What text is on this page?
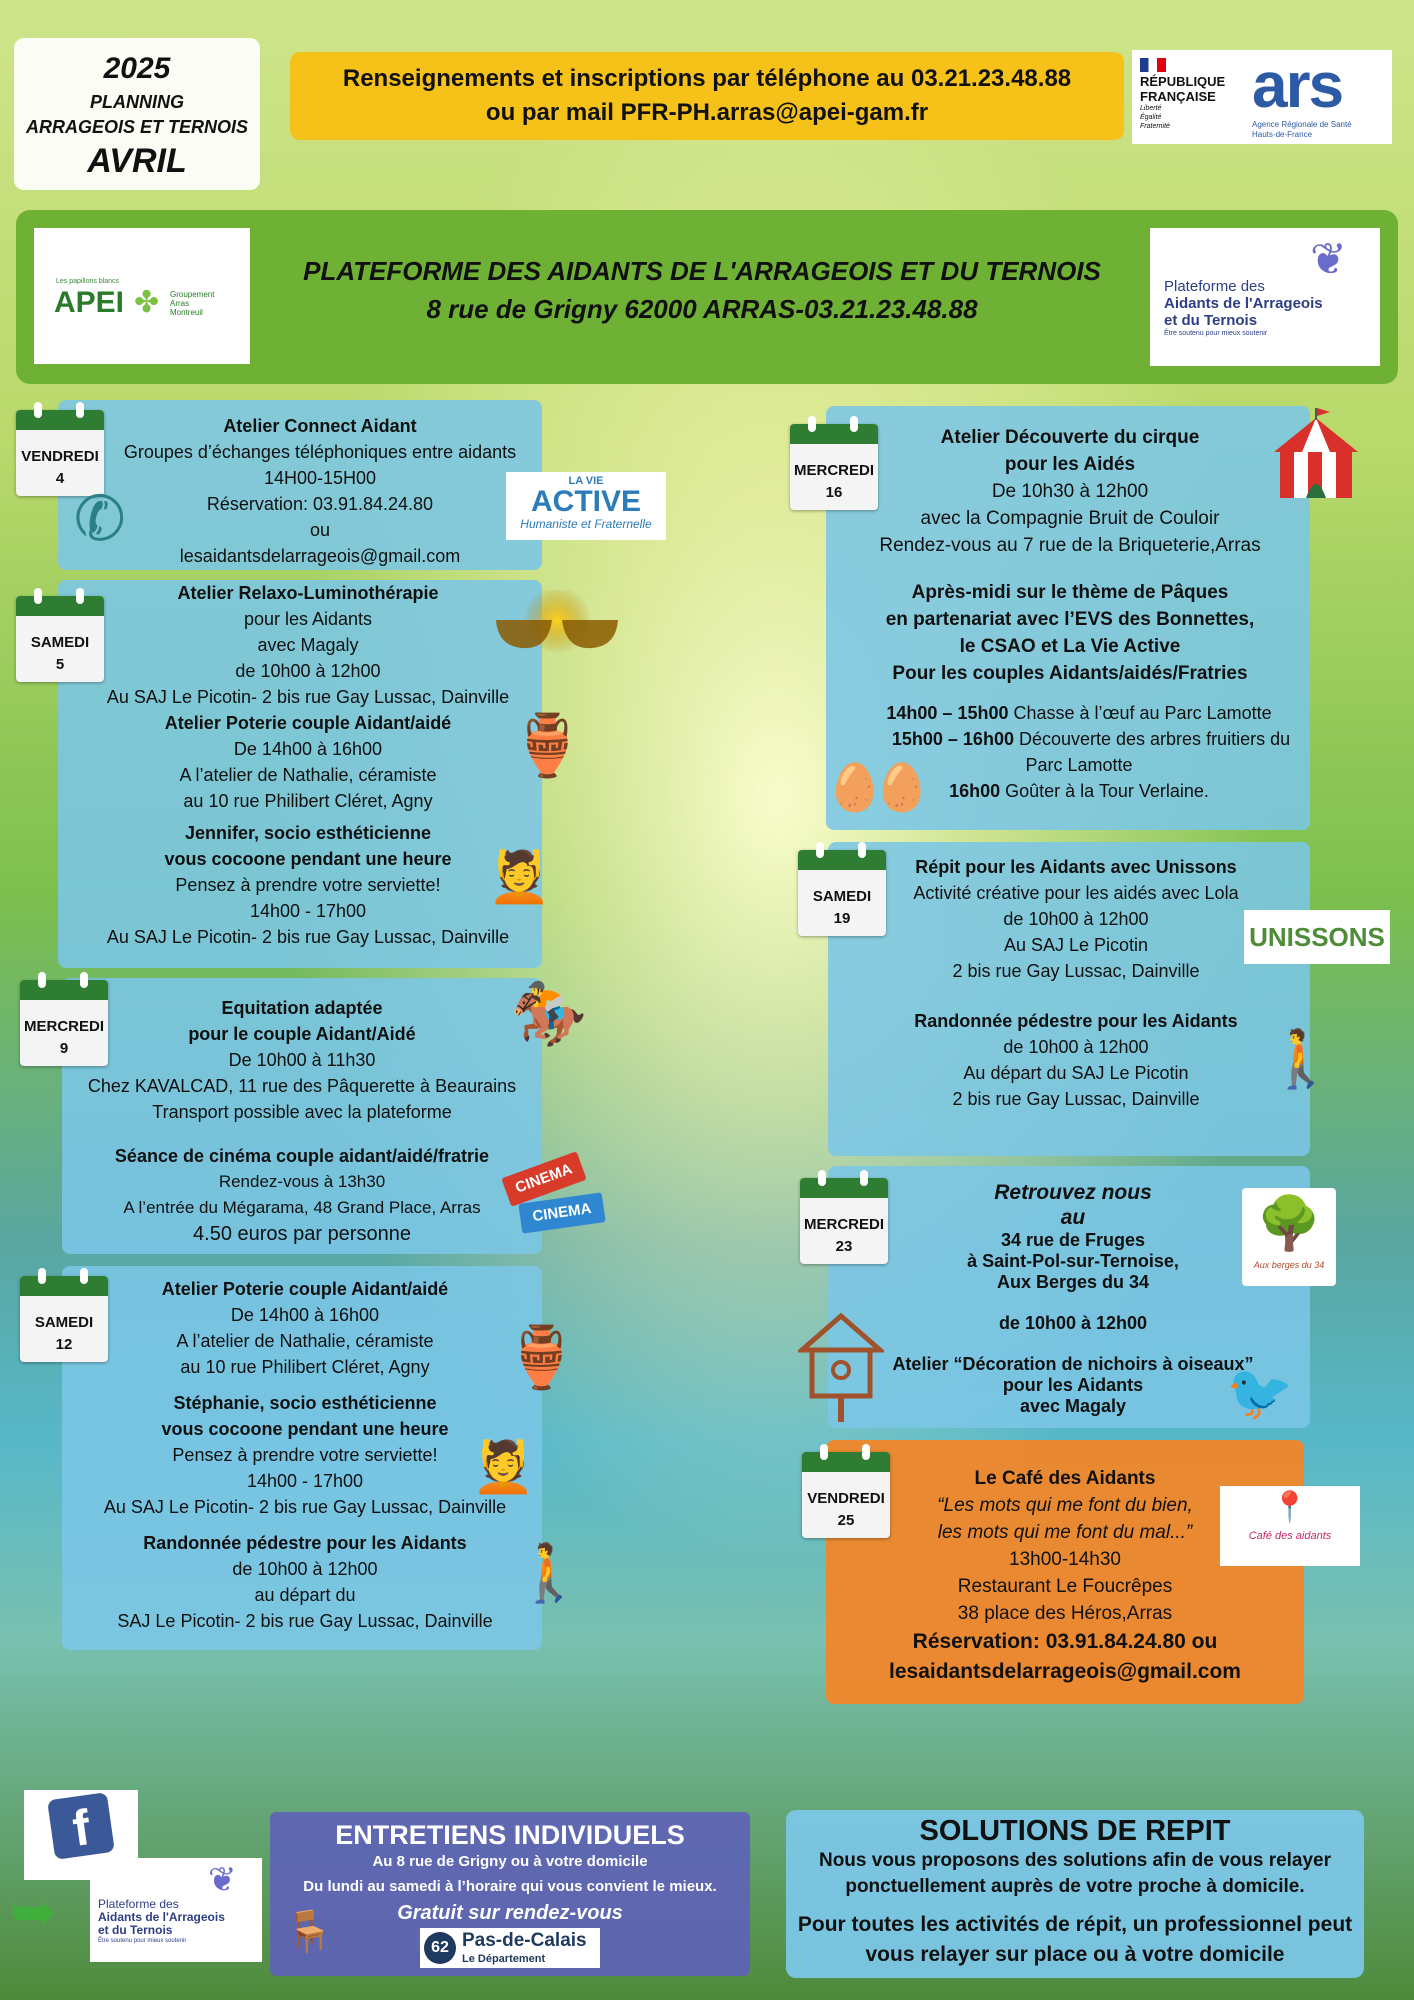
2025
PLANNING
ARRAGEOIS ET TERNOIS
AVRIL
Renseignements et inscriptions par téléphone au 03.21.23.48.88
ou par mail PFR-PH.arras@apei-gam.fr
RÉPUBLIQUE
FRANÇAISE
Liberté
Égalité
Fraternité
ars
Agence Régionale de Santé
Hauts-de-France
Les papillons blancs
APEI ✤ Groupement
Arras
Montreuil
PLATEFORME DES AIDANTS DE L'ARRAGEOIS ET DU TERNOIS
8 rue de Grigny 62000 ARRAS-03.21.23.48.88
❦
Plateforme des
Aidants de l'Arrageois
et du Ternois
Être soutenu pour mieux soutenir
VENDREDI
4
Atelier Connect Aidant
Groupes d’échanges téléphoniques entre aidants
14H00-15H00
Réservation: 03.91.84.24.80
ou
lesaidantsdelarrageois@gmail.com
✆	LA VIE
ACTIVE
Humaniste et Fraternelle
SAMEDI
5
Atelier Relaxo-Luminothérapie
pour les Aidants
avec Magaly
de 10h00 à 12h00
Au SAJ Le Picotin- 2 bis rue Gay Lussac, Dainville
Atelier Poterie couple Aidant/aidé
De 14h00 à 16h00
A l’atelier de Nathalie, céramiste
au 10 rue Philibert Cléret, Agny
Jennifer, socio esthéticienne
vous cocoone pendant une heure
Pensez à prendre votre serviette!
14h00 - 17h00
Au SAJ Le Picotin- 2 bis rue Gay Lussac, Dainville
🏺
💆
MERCREDI
9
Equitation adaptée
pour le couple Aidant/Aidé
De 10h00 à 11h30
Chez KAVALCAD, 11 rue des Pâquerette à Beaurains
Transport possible avec la plateforme
Séance de cinéma couple aidant/aidé/fratrie
Rendez-vous à 13h30
A l’entrée du Mégarama, 48 Grand Place, Arras
4.50 euros par personne
🏇
CINEMA
CINEMA
SAMEDI
12
Atelier Poterie couple Aidant/aidé
De 14h00 à 16h00
A l’atelier de Nathalie, céramiste
au 10 rue Philibert Cléret, Agny
Stéphanie, socio esthéticienne
vous cocoone pendant une heure
Pensez à prendre votre serviette!
14h00 - 17h00
Au SAJ Le Picotin- 2 bis rue Gay Lussac, Dainville
Randonnée pédestre pour les Aidants
de 10h00 à 12h00
au départ du
SAJ Le Picotin- 2 bis rue Gay Lussac, Dainville
🏺
💆
🚶
MERCREDI
16
Atelier Découverte du cirque
pour les Aidés
De 10h30 à 12h00
avec la Compagnie Bruit de Couloir
Rendez-vous au 7 rue de la Briqueterie,Arras
Après-midi sur le thème de Pâques
en partenariat avec l’EVS des Bonnettes,
le CSAO et La Vie Active
Pour les couples Aidants/aidés/Fratries
14h00 – 15h00 Chasse à l’œuf au Parc Lamotte
15h00 – 16h00 Découverte des arbres fruitiers du
Parc Lamotte
16h00 Goûter à la Tour Verlaine.
🥚🥚
SAMEDI
19
Répit pour les Aidants avec Unissons
Activité créative pour les aidés avec Lola
de 10h00 à 12h00
Au SAJ Le Picotin
2 bis rue Gay Lussac, Dainville
Randonnée pédestre pour les Aidants
de 10h00 à 12h00
Au départ du SAJ Le Picotin
2 bis rue Gay Lussac, Dainville
UNISSONS
🚶
MERCREDI
23
Retrouvez nous
au
34 rue de Fruges
à Saint-Pol-sur-Ternoise,
Aux Berges du 34
de 10h00 à 12h00
Atelier “Décoration de nichoirs à oiseaux”
pour les Aidants
avec Magaly
🌳
Aux berges du 34
🐦
VENDREDI
25
Le Café des Aidants
“Les mots qui me font du bien,
les mots qui me font du mal...”
13h00-14h30
Restaurant Le Foucrêpes
38 place des Héros,Arras
Réservation: 03.91.84.24.80 ou
lesaidantsdelarrageois@gmail.com
📍
Café des aidants
f
➥	❦
Plateforme des
Aidants de l'Arrageois
et du Ternois
Être soutenu pour mieux soutenir
ENTRETIENS INDIVIDUELS
Au 8 rue de Grigny ou à votre domicile
Du lundi au samedi à l’horaire qui vous convient le mieux.
Gratuit sur rendez-vous
🪑	62 Pas-de-Calais
Le Département
SOLUTIONS DE REPIT
Nous vous proposons des solutions afin de vous relayer
ponctuellement auprès de votre proche à domicile.
Pour toutes les activités de répit, un professionnel peut
vous relayer sur place ou à votre domicile
